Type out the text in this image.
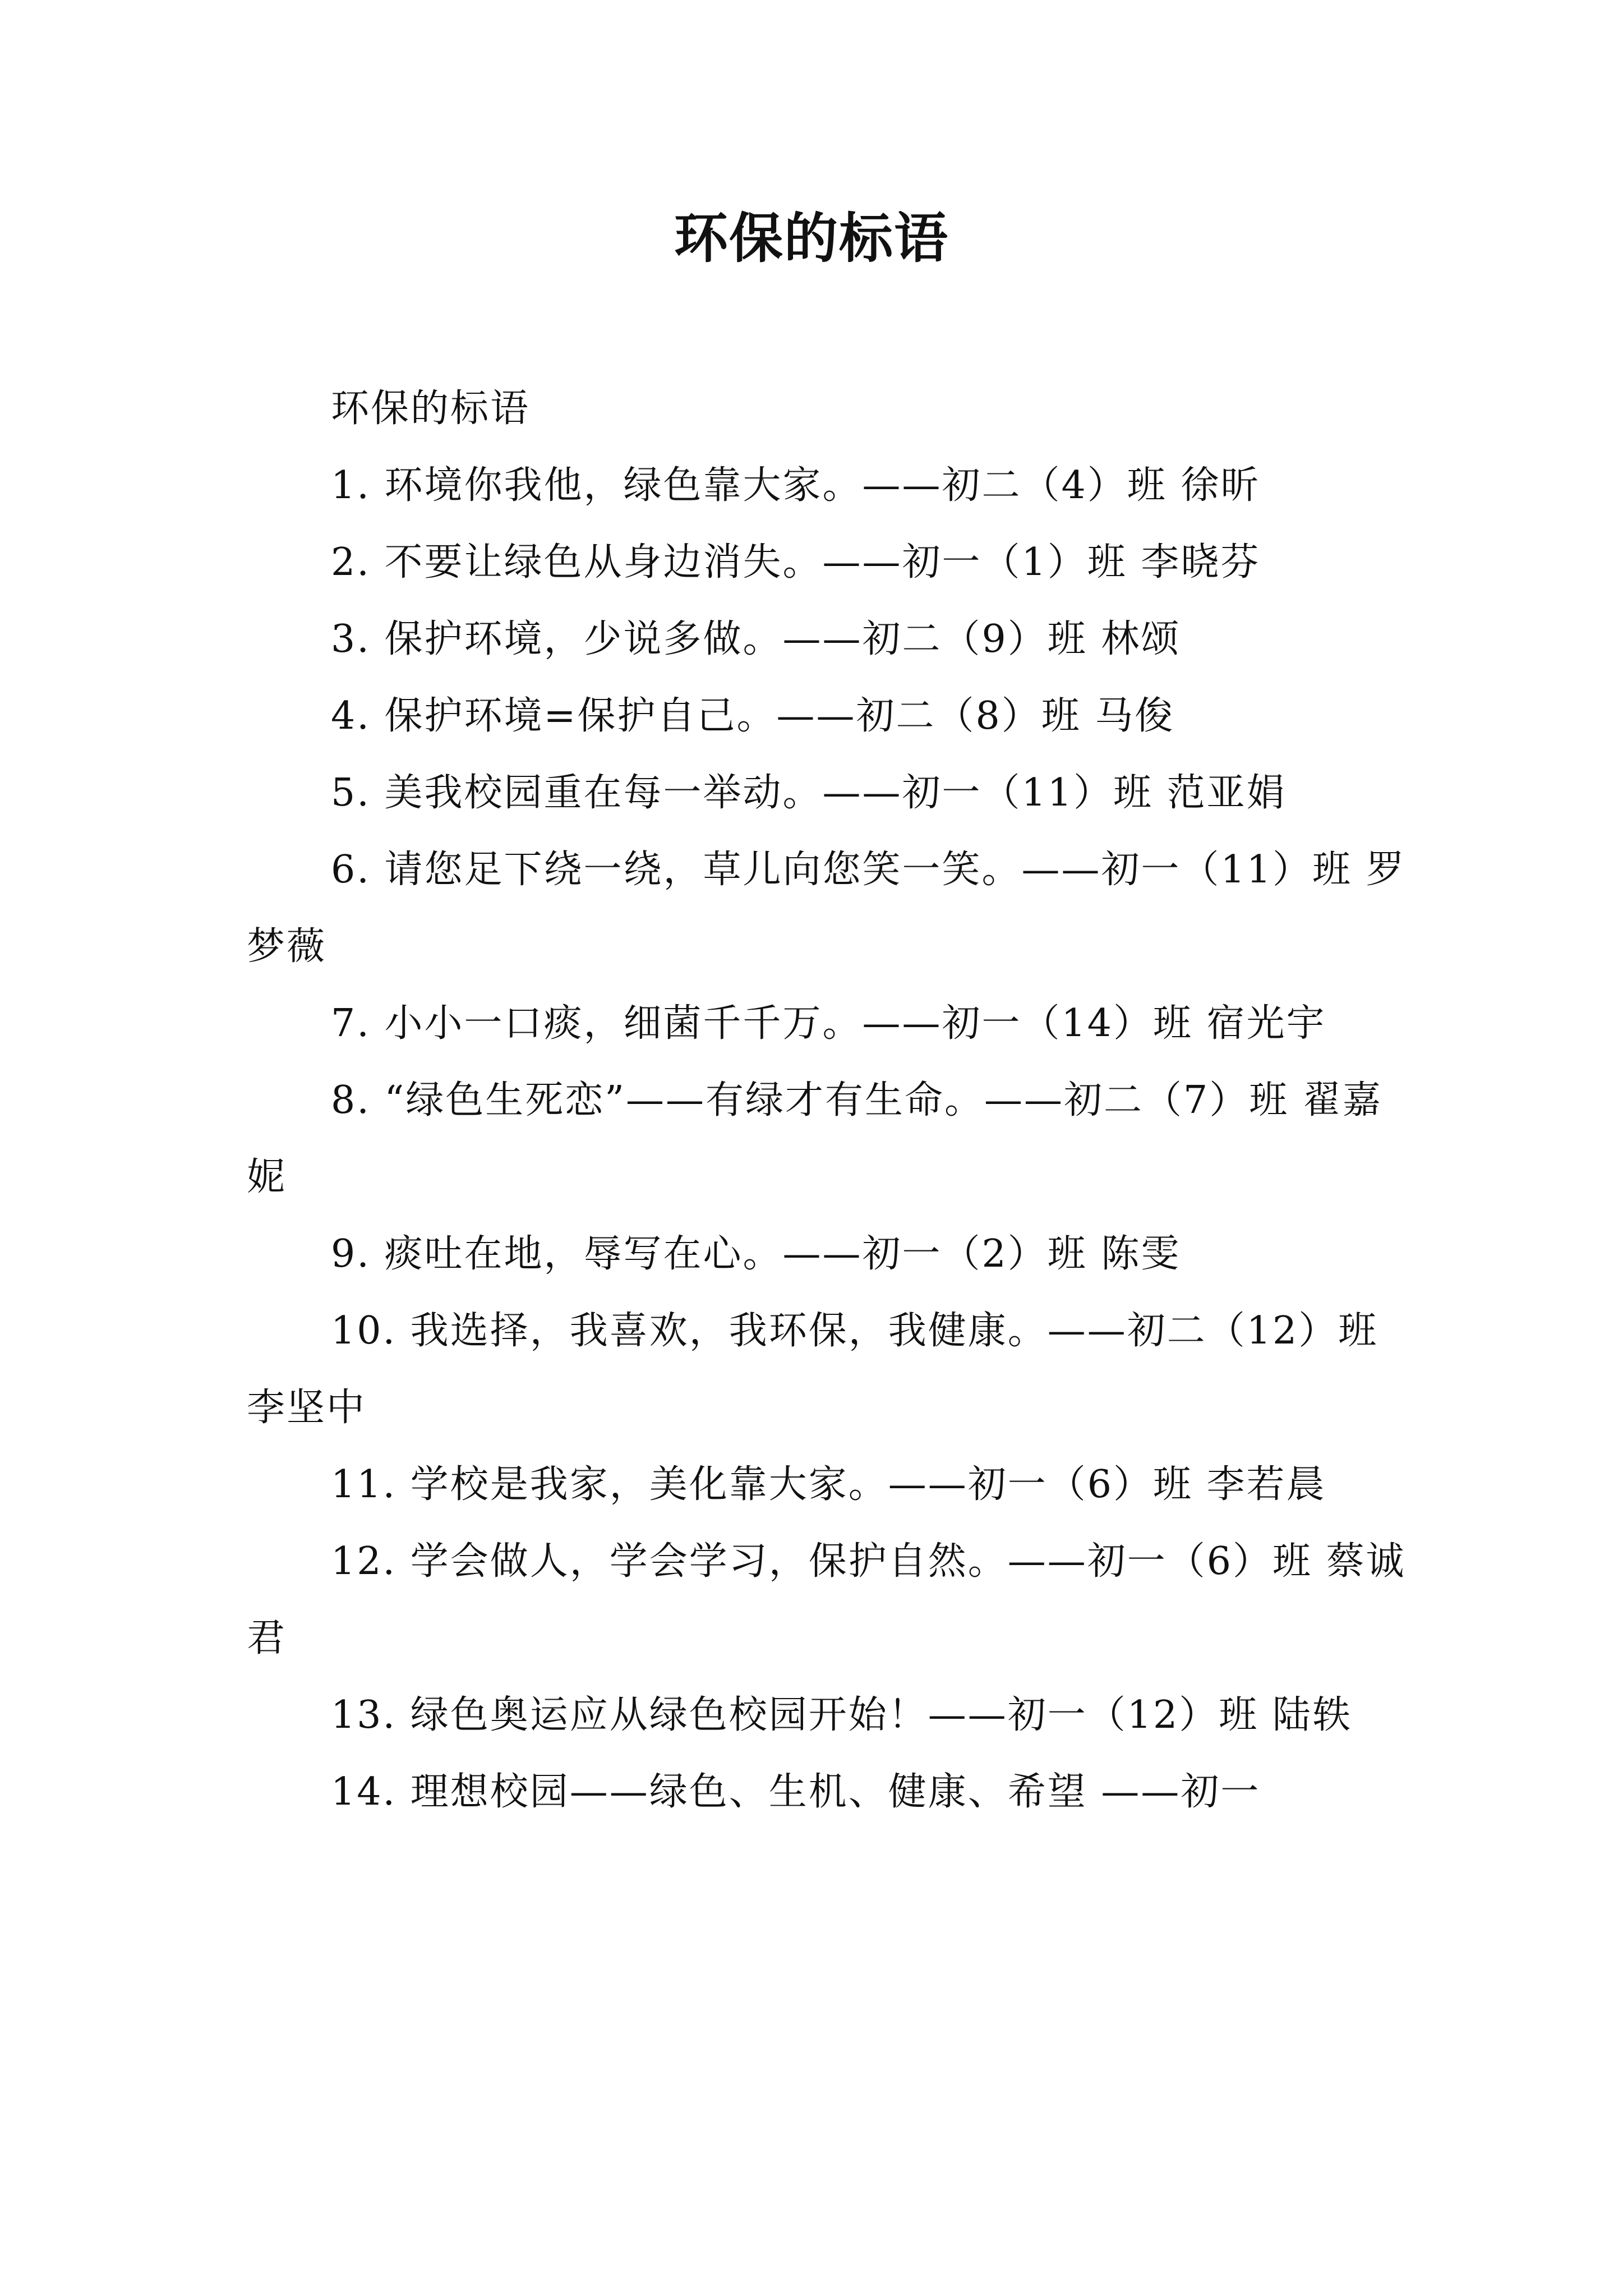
环保的标语

环保的标语

1. 环境你我他，绿色靠大家。——初二（4）班 徐昕

2. 不要让绿色从身边消失。——初一（1）班 李晓芬

3. 保护环境，少说多做。——初二（9）班 林颂

4. 保护环境=保护自己。——初二（8）班 马俊

5. 美我校园重在每一举动。——初一（11）班 范亚娟

6. 请您足下绕一绕，草儿向您笑一笑。——初一（11）班 罗梦薇

7. 小小一口痰，细菌千千万。——初一（14）班 宿光宇

8. “绿色生死恋”——有绿才有生命。——初二（7）班 翟嘉妮

9. 痰吐在地，辱写在心。——初一（2）班 陈雯

10. 我选择，我喜欢，我环保，我健康。——初二（12）班 李坚中

11. 学校是我家，美化靠大家。——初一（6）班 李若晨

12. 学会做人，学会学习，保护自然。——初一（6）班 蔡诚君

13. 绿色奥运应从绿色校园开始！——初一（12）班 陆轶

14. 理想校园——绿色、生机、健康、希望 ——初一
